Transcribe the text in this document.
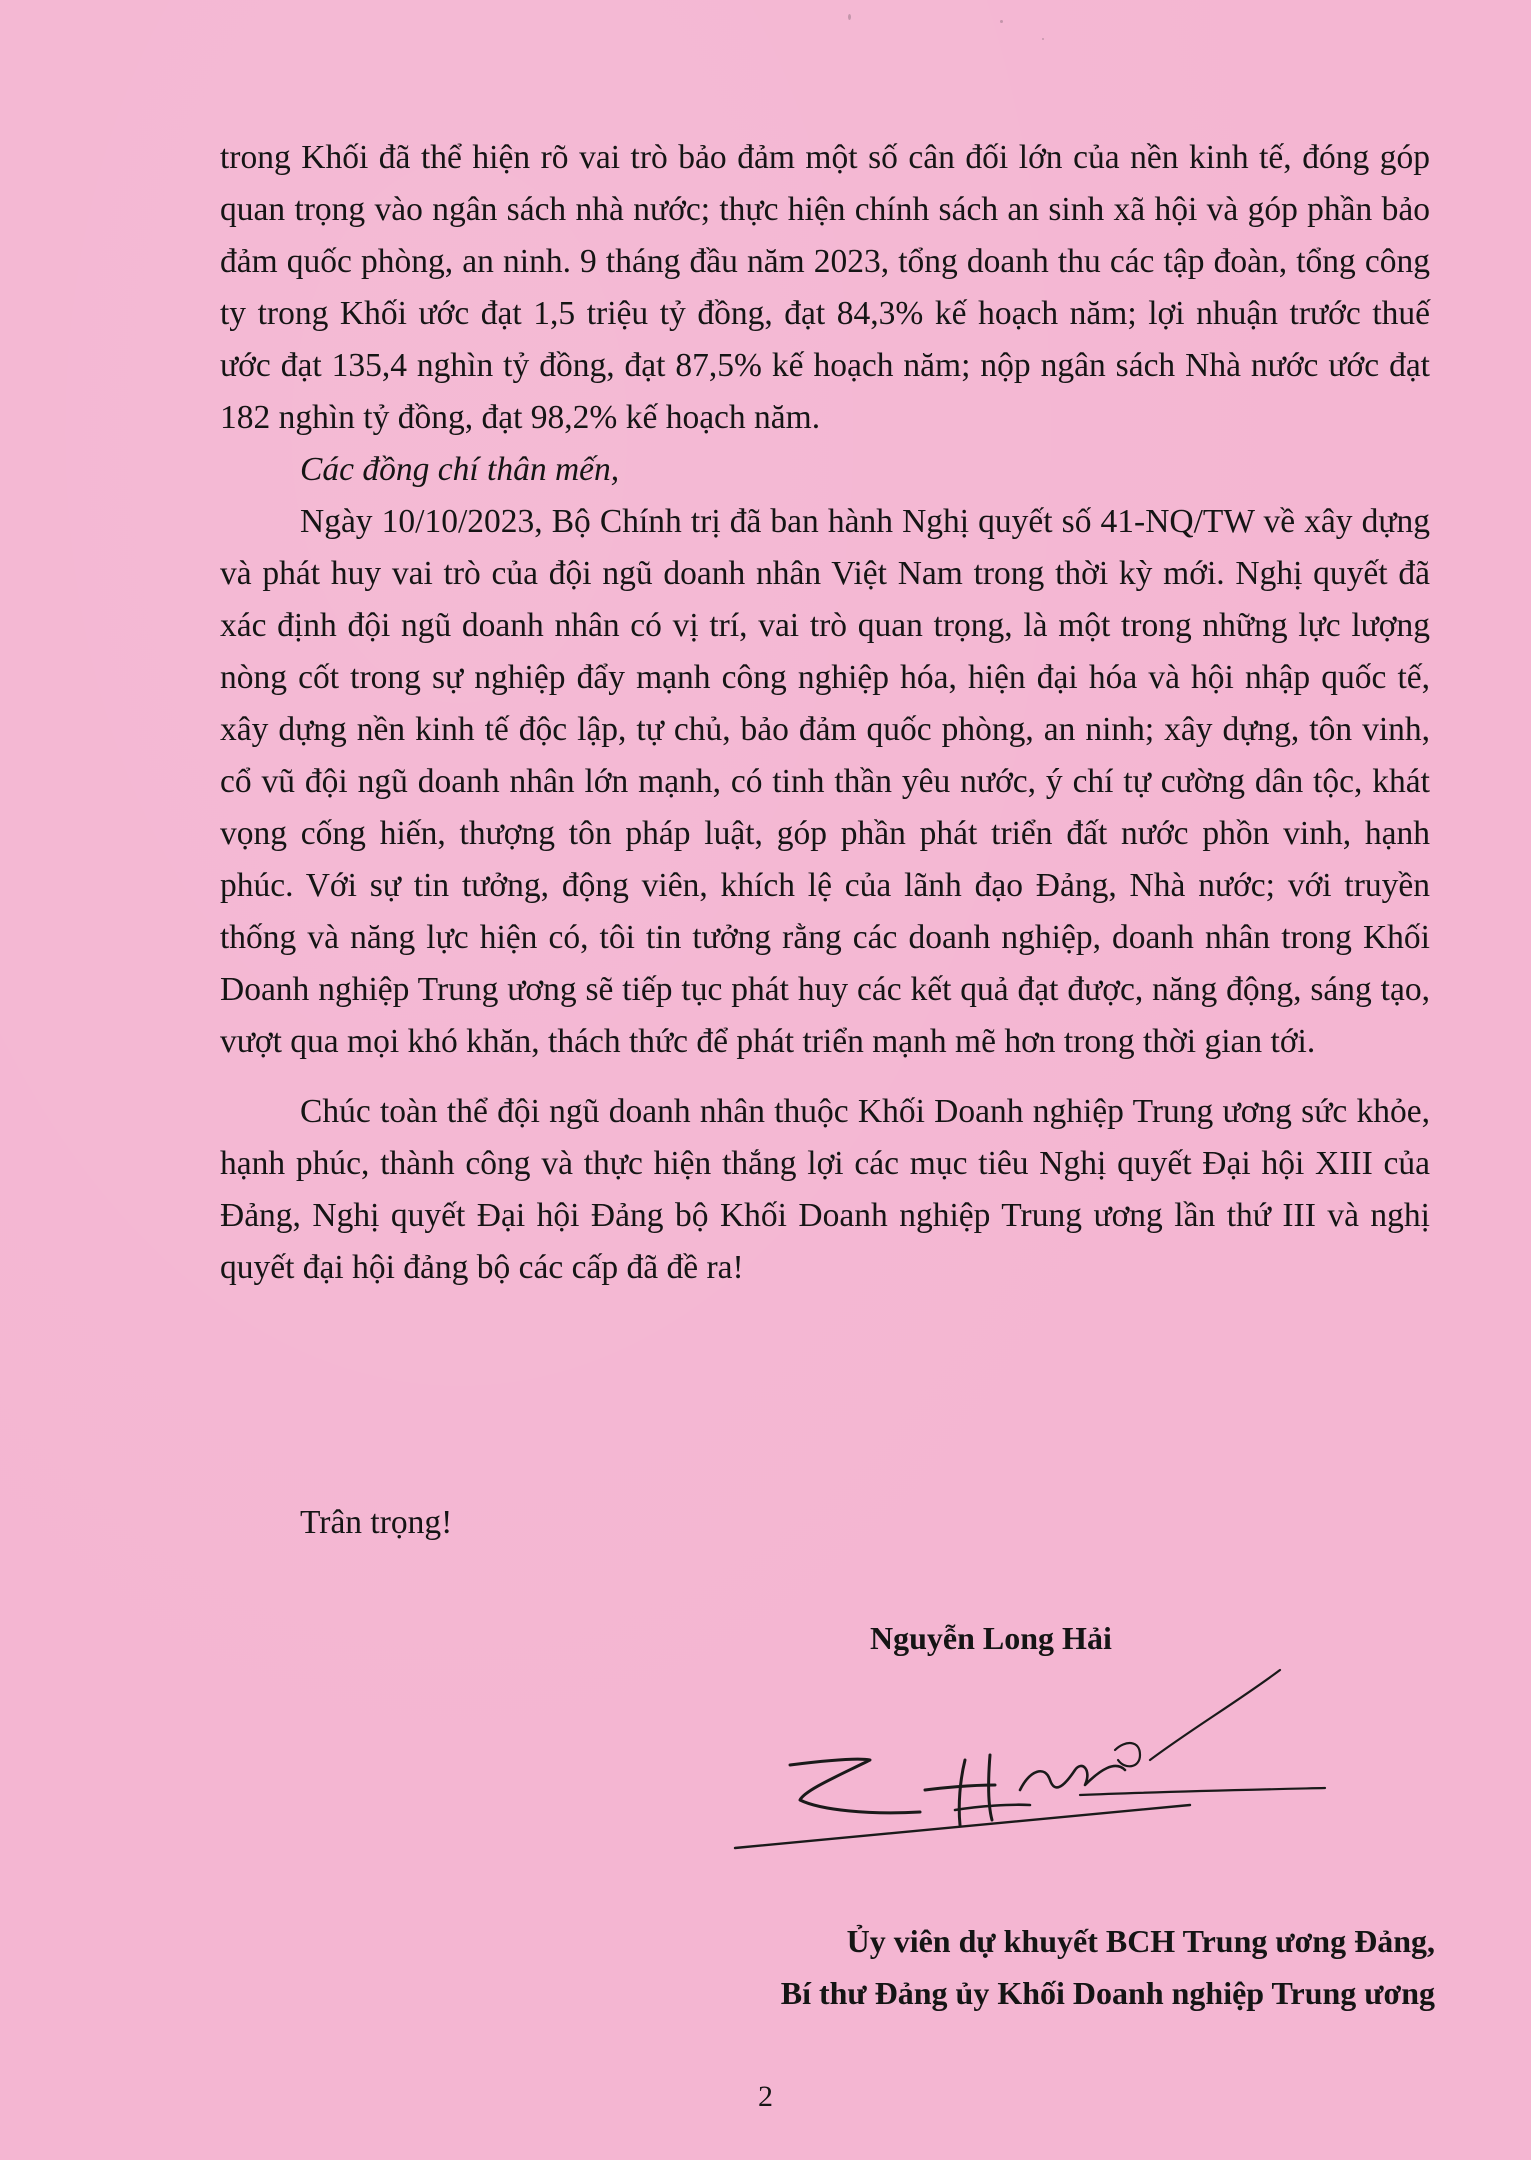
trong Khối đã thể hiện rõ vai trò bảo đảm một số cân đối lớn của nền kinh tế, đóng góp quan trọng vào ngân sách nhà nước; thực hiện chính sách an sinh xã hội và góp phần bảo đảm quốc phòng, an ninh. 9 tháng đầu năm 2023, tổng doanh thu các tập đoàn, tổng công ty trong Khối ước đạt 1,5 triệu tỷ đồng, đạt 84,3% kế hoạch năm; lợi nhuận trước thuế ước đạt 135,4 nghìn tỷ đồng, đạt 87,5% kế hoạch năm; nộp ngân sách Nhà nước ước đạt 182 nghìn tỷ đồng, đạt 98,2% kế hoạch năm.

Các đồng chí thân mến,

Ngày 10/10/2023, Bộ Chính trị đã ban hành Nghị quyết số 41-NQ/TW về xây dựng và phát huy vai trò của đội ngũ doanh nhân Việt Nam trong thời kỳ mới. Nghị quyết đã xác định đội ngũ doanh nhân có vị trí, vai trò quan trọng, là một trong những lực lượng nòng cốt trong sự nghiệp đẩy mạnh công nghiệp hóa, hiện đại hóa và hội nhập quốc tế, xây dựng nền kinh tế độc lập, tự chủ, bảo đảm quốc phòng, an ninh; xây dựng, tôn vinh, cổ vũ đội ngũ doanh nhân lớn mạnh, có tinh thần yêu nước, ý chí tự cường dân tộc, khát vọng cống hiến, thượng tôn pháp luật, góp phần phát triển đất nước phồn vinh, hạnh phúc. Với sự tin tưởng, động viên, khích lệ của lãnh đạo Đảng, Nhà nước; với truyền thống và năng lực hiện có, tôi tin tưởng rằng các doanh nghiệp, doanh nhân trong Khối Doanh nghiệp Trung ương sẽ tiếp tục phát huy các kết quả đạt được, năng động, sáng tạo, vượt qua mọi khó khăn, thách thức để phát triển mạnh mẽ hơn trong thời gian tới.

Chúc toàn thể đội ngũ doanh nhân thuộc Khối Doanh nghiệp Trung ương sức khỏe, hạnh phúc, thành công và thực hiện thắng lợi các mục tiêu Nghị quyết Đại hội XIII của Đảng, Nghị quyết Đại hội Đảng bộ Khối Doanh nghiệp Trung ương lần thứ III và nghị quyết đại hội đảng bộ các cấp đã đề ra!

Trân trọng!
Nguyễn Long Hải
Ủy viên dự khuyết BCH Trung ương Đảng,
Bí thư Đảng ủy Khối Doanh nghiệp Trung ương
2
